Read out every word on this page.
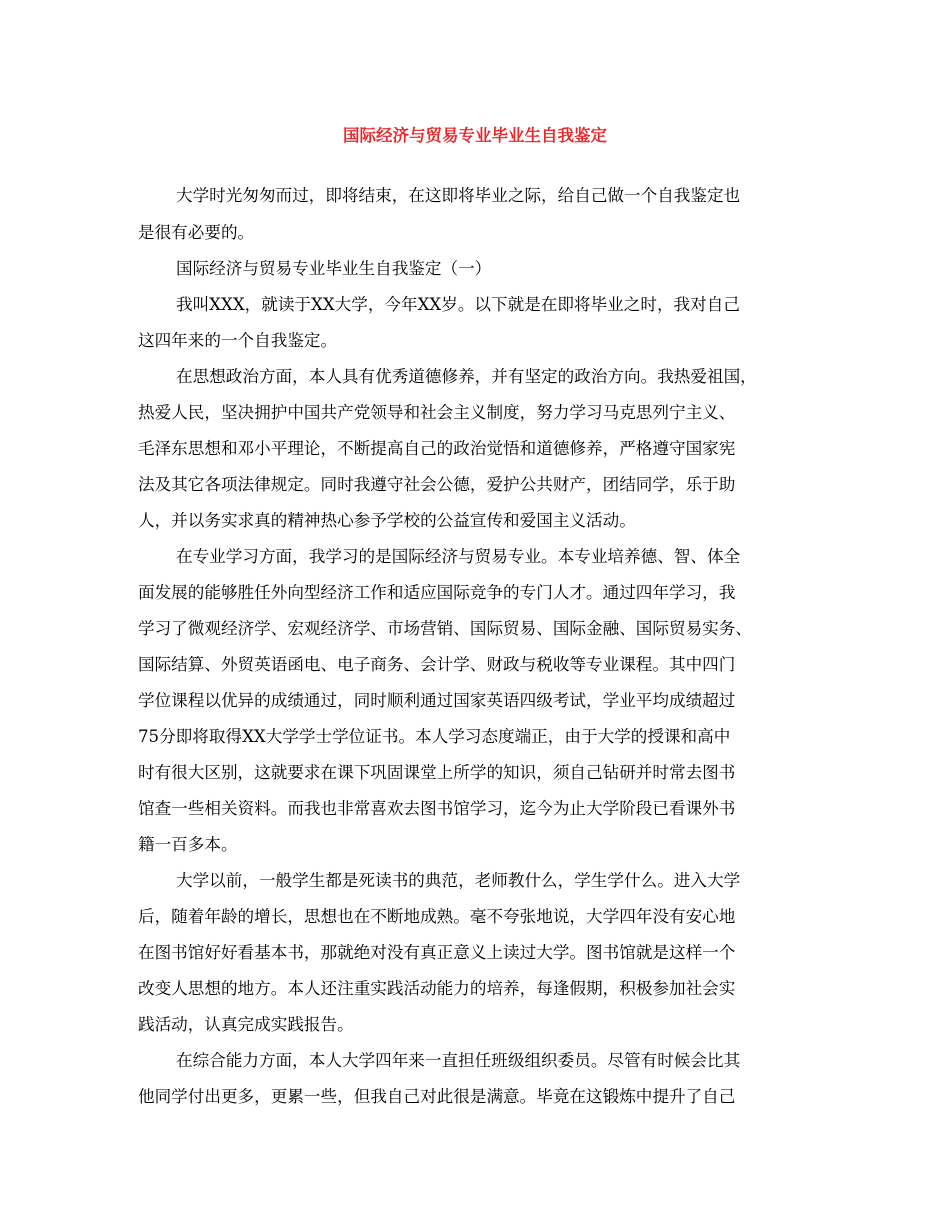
国际经济与贸易专业毕业生自我鉴定
大学时光匆匆而过，即将结束，在这即将毕业之际，给自己做一个自我鉴定也
是很有必要的。
国际经济与贸易专业毕业生自我鉴定（一）
我叫XXX，就读于XX大学，今年XX岁。以下就是在即将毕业之时，我对自己
这四年来的一个自我鉴定。
在思想政治方面，本人具有优秀道德修养，并有坚定的政治方向。我热爱祖国，
热爱人民，坚决拥护中国共产党领导和社会主义制度，努力学习马克思列宁主义、
毛泽东思想和邓小平理论，不断提高自己的政治觉悟和道德修养，严格遵守国家宪
法及其它各项法律规定。同时我遵守社会公德，爱护公共财产，团结同学，乐于助
人，并以务实求真的精神热心参予学校的公益宣传和爱国主义活动。
在专业学习方面，我学习的是国际经济与贸易专业。本专业培养德、智、体全
面发展的能够胜任外向型经济工作和适应国际竞争的专门人才。通过四年学习，我
学习了微观经济学、宏观经济学、市场营销、国际贸易、国际金融、国际贸易实务、
国际结算、外贸英语函电、电子商务、会计学、财政与税收等专业课程。其中四门
学位课程以优异的成绩通过，同时顺利通过国家英语四级考试，学业平均成绩超过
75分即将取得XX大学学士学位证书。本人学习态度端正，由于大学的授课和高中
时有很大区别，这就要求在课下巩固课堂上所学的知识，须自己钻研并时常去图书
馆查一些相关资料。而我也非常喜欢去图书馆学习，迄今为止大学阶段已看课外书
籍一百多本。
大学以前，一般学生都是死读书的典范，老师教什么，学生学什么。进入大学
后，随着年龄的增长，思想也在不断地成熟。毫不夸张地说，大学四年没有安心地
在图书馆好好看基本书，那就绝对没有真正意义上读过大学。图书馆就是这样一个
改变人思想的地方。本人还注重实践活动能力的培养，每逢假期，积极参加社会实
践活动，认真完成实践报告。
在综合能力方面，本人大学四年来一直担任班级组织委员。尽管有时候会比其
他同学付出更多，更累一些，但我自己对此很是满意。毕竟在这锻炼中提升了自己
